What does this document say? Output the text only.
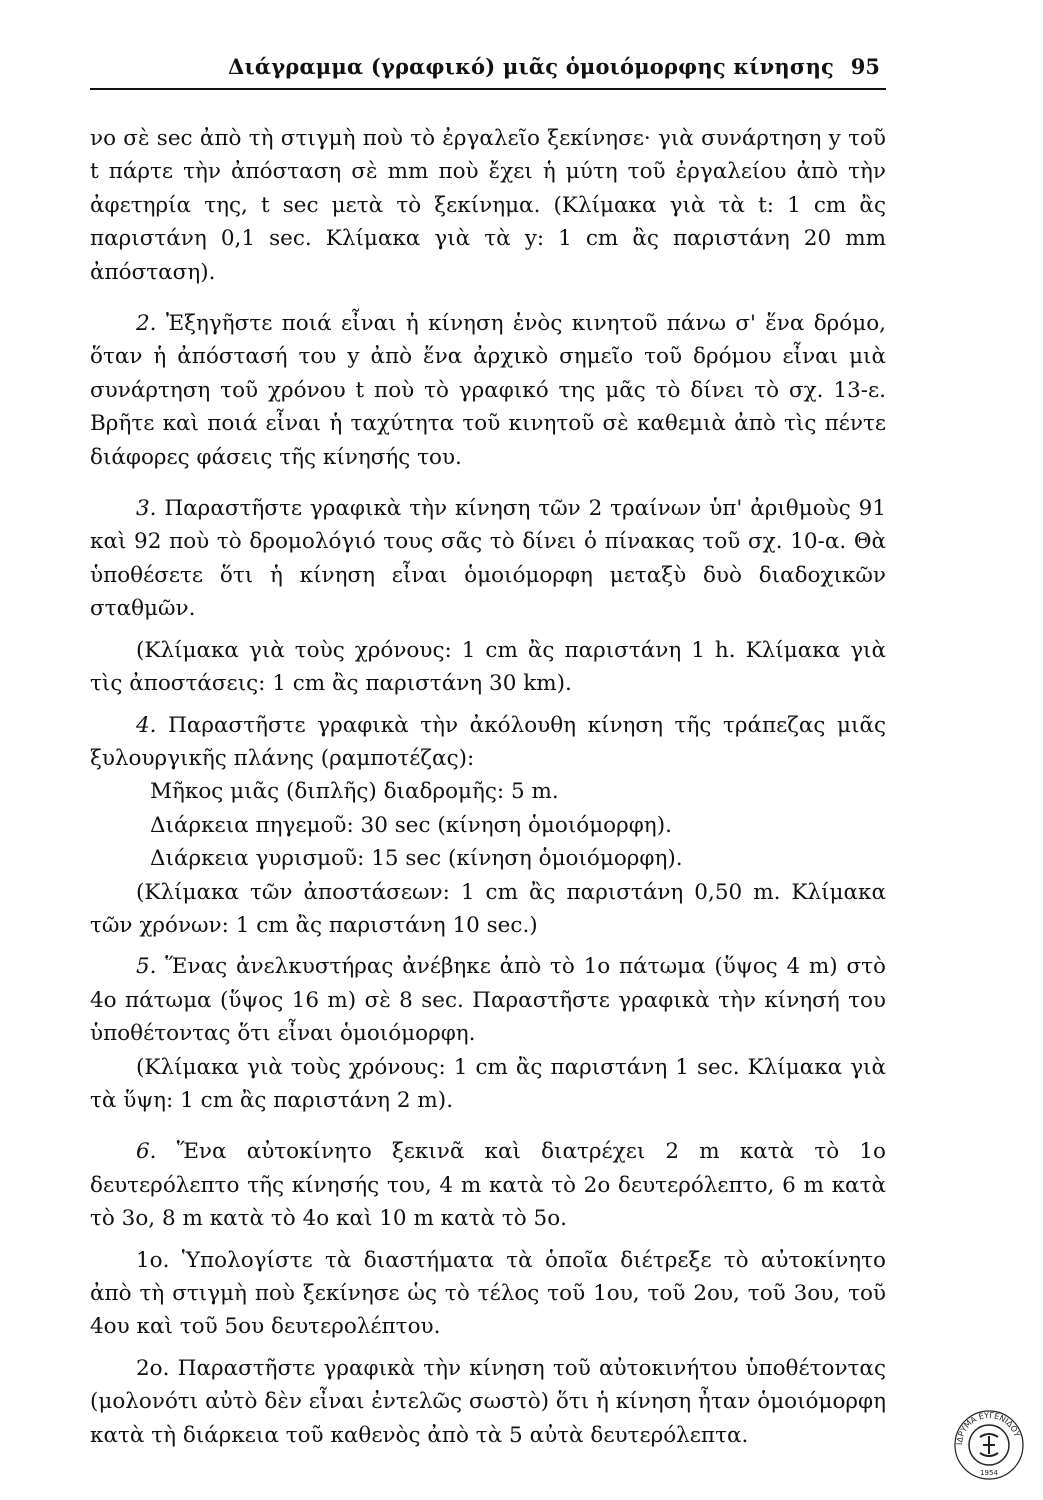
Διάγραμμα (γραφικό) μιᾶς ὁμοιόμορφης κίνησης 95

νο σὲ sec ἀπὸ τὴ στιγμὴ ποὺ τὸ ἐργαλεῖο ξεκίνησε· γιὰ συνάρτηση y τοῦ t πάρτε τὴν ἀπόσταση σὲ mm ποὺ ἔχει ἡ μύτη τοῦ ἐργαλείου ἀπὸ τὴν ἀφετηρία της, t sec μετὰ τὸ ξεκίνημα. (Κλίμακα γιὰ τὰ t: 1 cm ἂς παριστάνη 0,1 sec. Κλίμακα γιὰ τὰ y: 1 cm ἂς παριστάνη 20 mm ἀπόσταση).

2. Ἐξηγῆστε ποιά εἶναι ἡ κίνηση ἑνὸς κινητοῦ πάνω σ' ἕνα δρόμο, ὅταν ἡ ἀπόστασή του y ἀπὸ ἕνα ἀρχικὸ σημεῖο τοῦ δρόμου εἶναι μιὰ συνάρτηση τοῦ χρόνου t ποὺ τὸ γραφικό της μᾶς τὸ δίνει τὸ σχ. 13-ε. Βρῆτε καὶ ποιά εἶναι ἡ ταχύτητα τοῦ κινητοῦ σὲ καθεμιὰ ἀπὸ τὶς πέντε διάφορες φάσεις τῆς κίνησής του.

3. Παραστῆστε γραφικὰ τὴν κίνηση τῶν 2 τραίνων ὑπ' ἀριθμοὺς 91 καὶ 92 ποὺ τὸ δρομολόγιό τους σᾶς τὸ δίνει ὁ πίνακας τοῦ σχ. 10-α. Θὰ ὑποθέσετε ὅτι ἡ κίνηση εἶναι ὁμοιόμορφη μεταξὺ δυὸ διαδοχικῶν σταθμῶν.

(Κλίμακα γιὰ τοὺς χρόνους: 1 cm ἂς παριστάνη 1 h. Κλίμακα γιὰ τὶς ἀποστάσεις: 1 cm ἂς παριστάνη 30 km).

4. Παραστῆστε γραφικὰ τὴν ἀκόλουθη κίνηση τῆς τράπεζας μιᾶς ξυλουργικῆς πλάνης (ραμποτέζας):

Μῆκος μιᾶς (διπλῆς) διαδρομῆς: 5 m.

Διάρκεια πηγεμοῦ: 30 sec (κίνηση ὁμοιόμορφη).

Διάρκεια γυρισμοῦ: 15 sec (κίνηση ὁμοιόμορφη).

(Κλίμακα τῶν ἀποστάσεων: 1 cm ἂς παριστάνη 0,50 m. Κλίμακα τῶν χρόνων: 1 cm ἂς παριστάνη 10 sec.)

5. Ἕνας ἀνελκυστήρας ἀνέβηκε ἀπὸ τὸ 1ο πάτωμα (ὕψος 4 m) στὸ 4ο πάτωμα (ὕψος 16 m) σὲ 8 sec. Παραστῆστε γραφικὰ τὴν κίνησή του ὑποθέτοντας ὅτι εἶναι ὁμοιόμορφη.

(Κλίμακα γιὰ τοὺς χρόνους: 1 cm ἂς παριστάνη 1 sec. Κλίμακα γιὰ τὰ ὕψη: 1 cm ἂς παριστάνη 2 m).

6. Ἕνα αὐτοκίνητο ξεκινᾶ καὶ διατρέχει 2 m κατὰ τὸ 1ο δευτερόλεπτο τῆς κίνησής του, 4 m κατὰ τὸ 2ο δευτερόλεπτο, 6 m κατὰ τὸ 3ο, 8 m κατὰ τὸ 4ο καὶ 10 m κατὰ τὸ 5ο.

1ο. Ὑπολογίστε τὰ διαστήματα τὰ ὁποῖα διέτρεξε τὸ αὐτοκίνητο ἀπὸ τὴ στιγμὴ ποὺ ξεκίνησε ὡς τὸ τέλος τοῦ 1ου, τοῦ 2ου, τοῦ 3ου, τοῦ 4ου καὶ τοῦ 5ου δευτερολέπτου.

2ο. Παραστῆστε γραφικὰ τὴν κίνηση τοῦ αὐτοκινήτου ὑποθέτοντας (μολονότι αὐτὸ δὲν εἶναι ἐντελῶς σωστὸ) ὅτι ἡ κίνηση ἦταν ὁμοιόμορφη κατὰ τὴ διάρκεια τοῦ καθενὸς ἀπὸ τὰ 5 αὐτὰ δευτερόλεπτα.	ΙΔΡΥΜΑ ΕΥΓΕΝΙΔΟΥ
1954
